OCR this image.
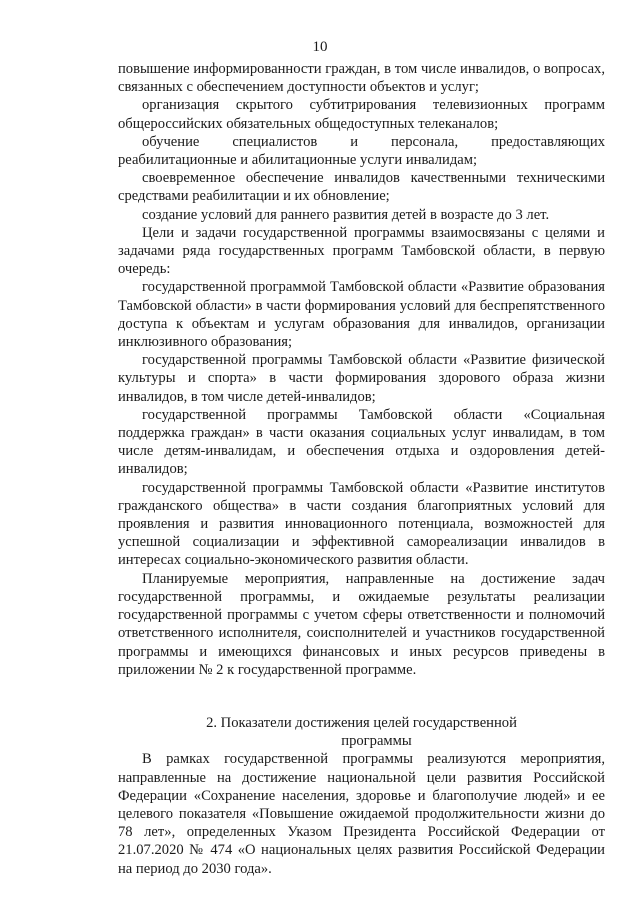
10

повышение информированности граждан, в том числе инвалидов, о вопросах, связанных с обеспечением доступности объектов и услуг;

организация скрытого субтитрирования телевизионных программ общероссийских обязательных общедоступных телеканалов;

обучение специалистов и персонала, предоставляющих реабилитационные и абилитационные услуги инвалидам;

своевременное обеспечение инвалидов качественными техническими средствами реабилитации и их обновление;

создание условий для раннего развития детей в возрасте до 3 лет.

Цели и задачи государственной программы взаимосвязаны с целями и задачами ряда государственных программ Тамбовской области, в первую очередь:

государственной программой Тамбовской области «Развитие образования Тамбовской области» в части формирования условий для беспрепятственного доступа к объектам и услугам образования для инвалидов, организации инклюзивного образования;

государственной программы Тамбовской области «Развитие физической культуры и спорта» в части формирования здорового образа жизни инвалидов, в том числе детей-инвалидов;

государственной программы Тамбовской области «Социальная поддержка граждан» в части оказания социальных услуг инвалидам, в том числе детям-инвалидам, и обеспечения отдыха и оздоровления детей-инвалидов;

государственной программы Тамбовской области «Развитие институтов гражданского общества» в части создания благоприятных условий для проявления и развития инновационного потенциала, возможностей для успешной социализации и эффективной самореализации инвалидов в интересах социально-экономического развития области.

Планируемые мероприятия, направленные на достижение задач государственной программы, и ожидаемые результаты реализации государственной программы с учетом сферы ответственности и полномочий ответственного исполнителя, соисполнителей и участников государственной программы и имеющихся финансовых и иных ресурсов приведены в приложении № 2 к государственной программе.

2. Показатели достижения целей государственной
программы

В рамках государственной программы реализуются мероприятия, направленные на достижение национальной цели развития Российской Федерации «Сохранение населения, здоровье и благополучие людей» и ее целевого показателя «Повышение ожидаемой продолжительности жизни до 78 лет», определенных Указом Президента Российской Федерации от 21.07.2020 № 474 «О национальных целях развития Российской Федерации на период до 2030 года».
